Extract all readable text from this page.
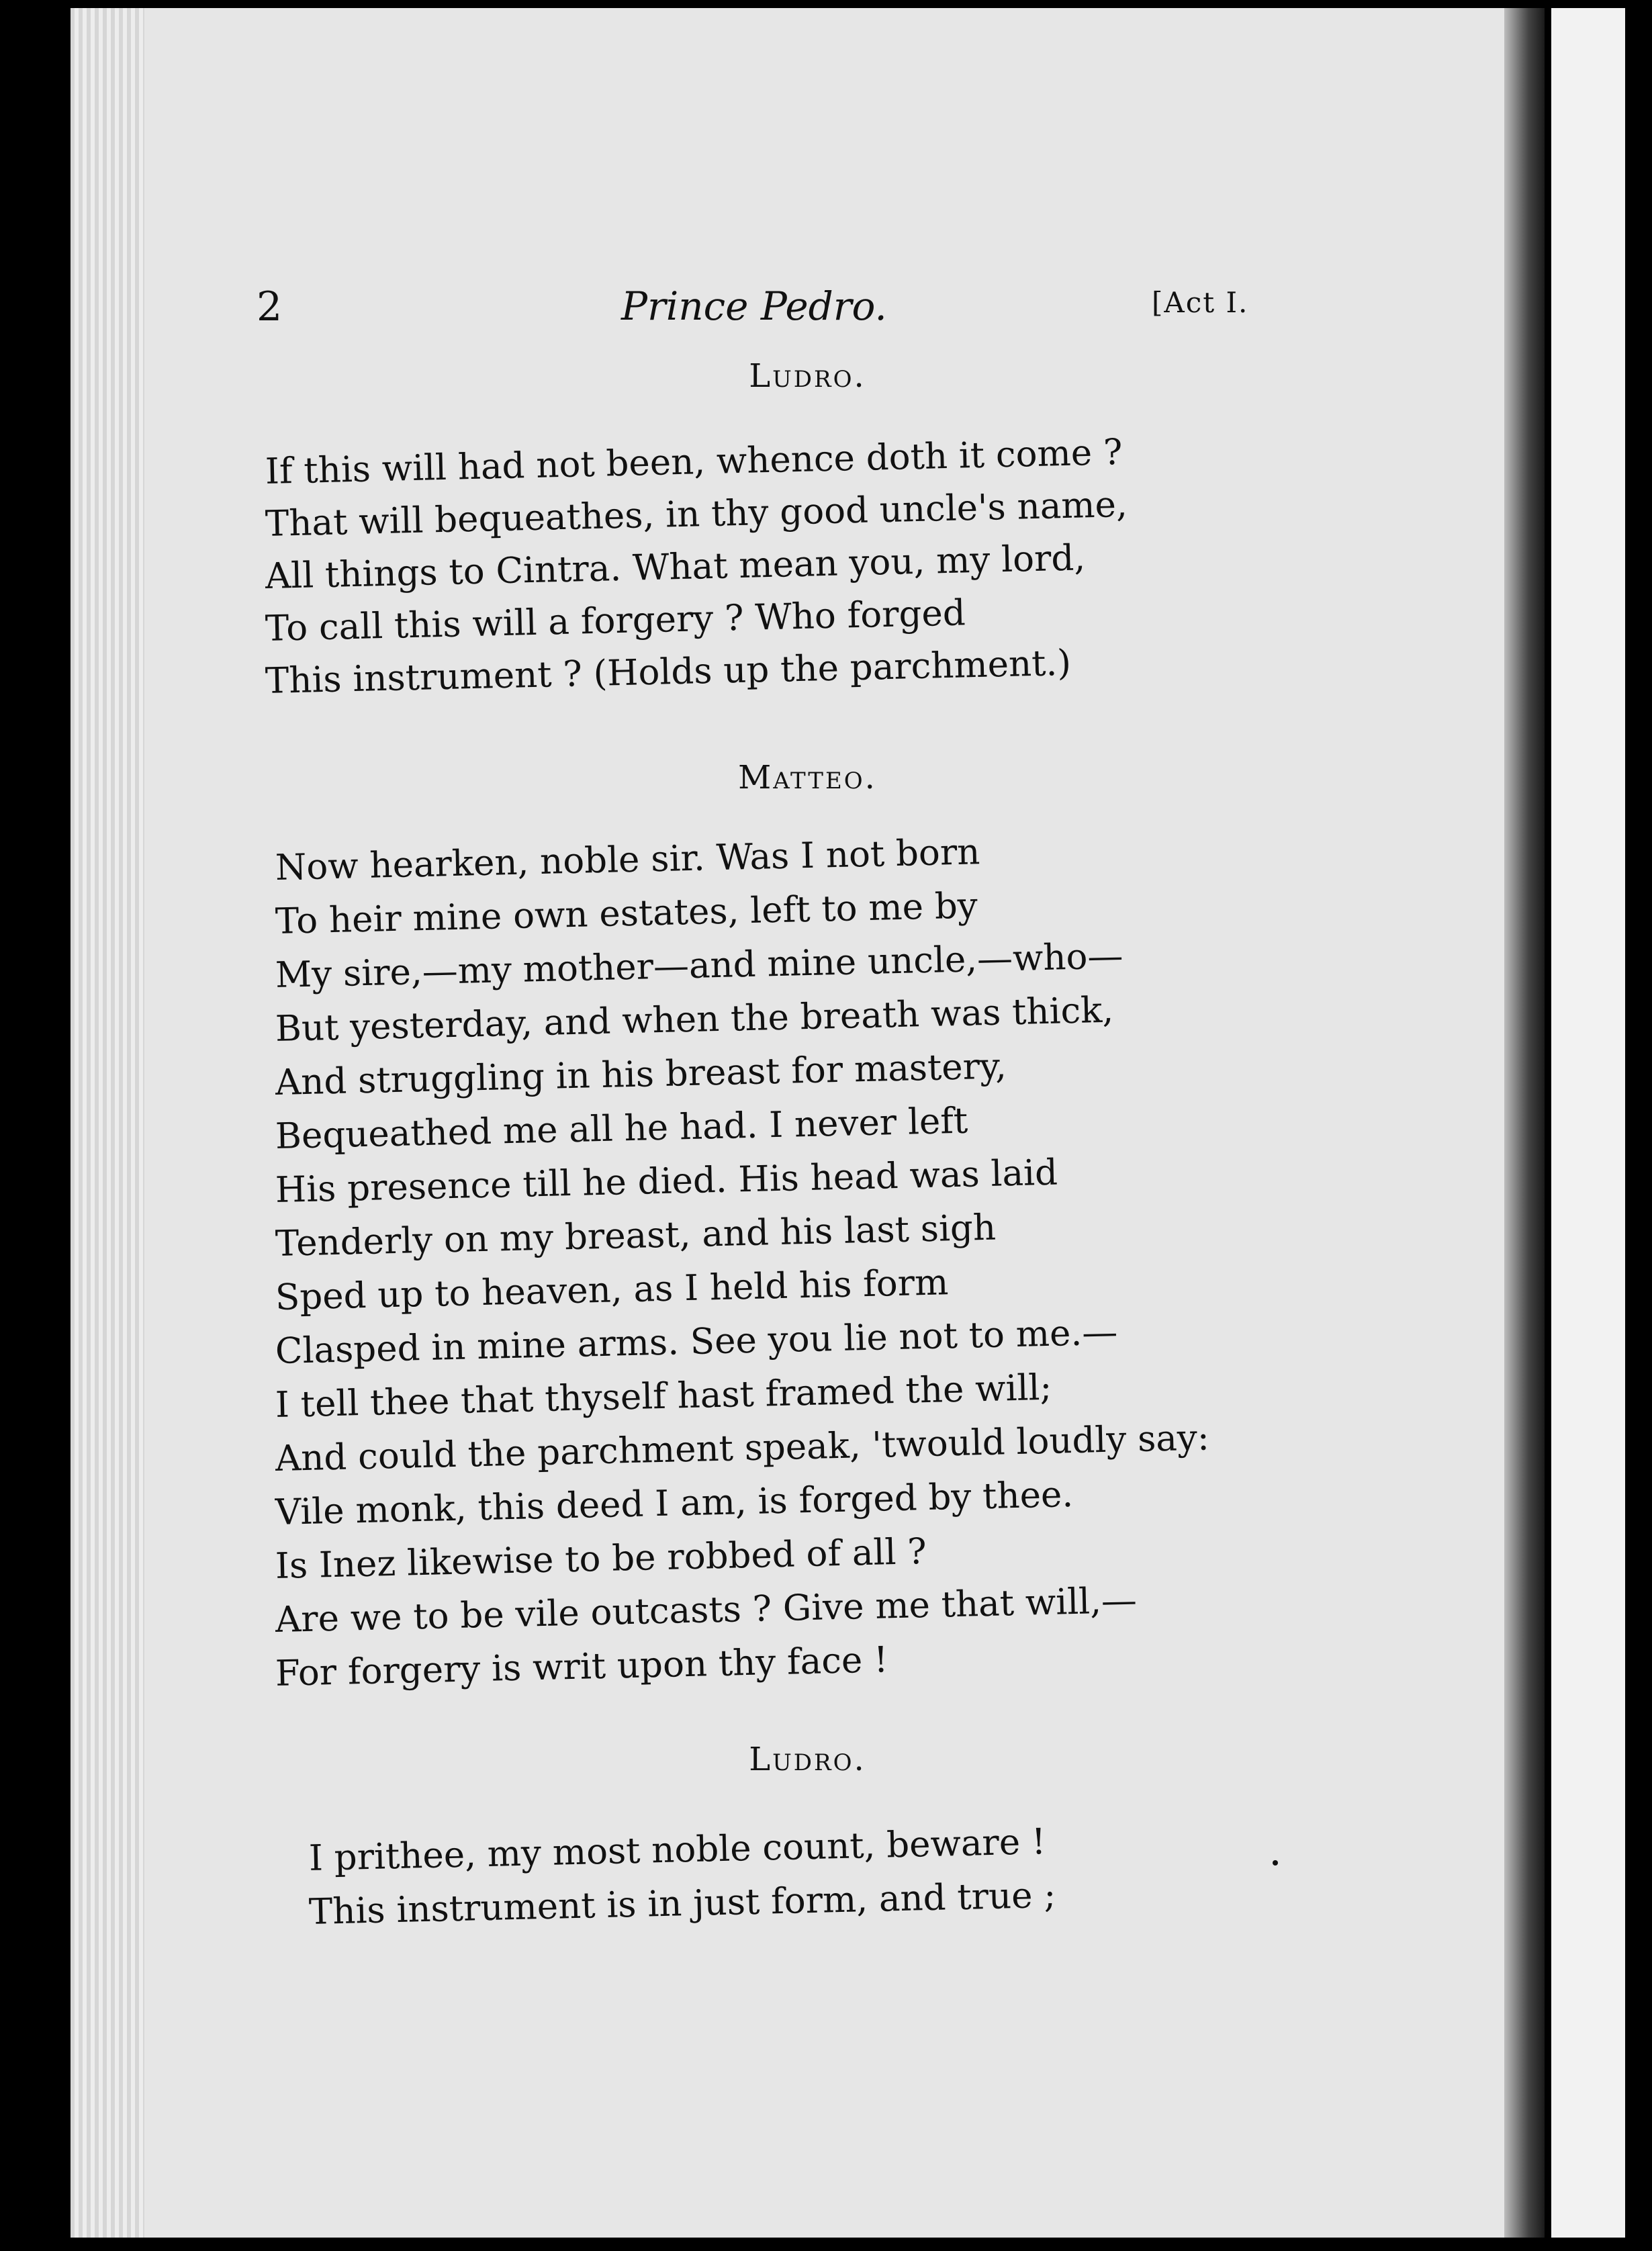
2	Prince Pedro.	[Act I.
Ludro.
If this will had not been, whence doth it come ?
That will bequeathes, in thy good uncle's name,
All things to Cintra. What mean you, my lord,
To call this will a forgery ? Who forged
This instrument ? (Holds up the parchment.)
Matteo.
Now hearken, noble sir. Was I not born
To heir mine own estates, left to me by
My sire,—my mother—and mine uncle,—who—
But yesterday, and when the breath was thick,
And struggling in his breast for mastery,
Bequeathed me all he had. I never left
His presence till he died. His head was laid
Tenderly on my breast, and his last sigh
Sped up to heaven, as I held his form
Clasped in mine arms. See you lie not to me.—
I tell thee that thyself hast framed the will;
And could the parchment speak, 'twould loudly say:
Vile monk, this deed I am, is forged by thee.
Is Inez likewise to be robbed of all ?
Are we to be vile outcasts ? Give me that will,—
For forgery is writ upon thy face !
Ludro.
I prithee, my most noble count, beware !
This instrument is in just form, and true ;
